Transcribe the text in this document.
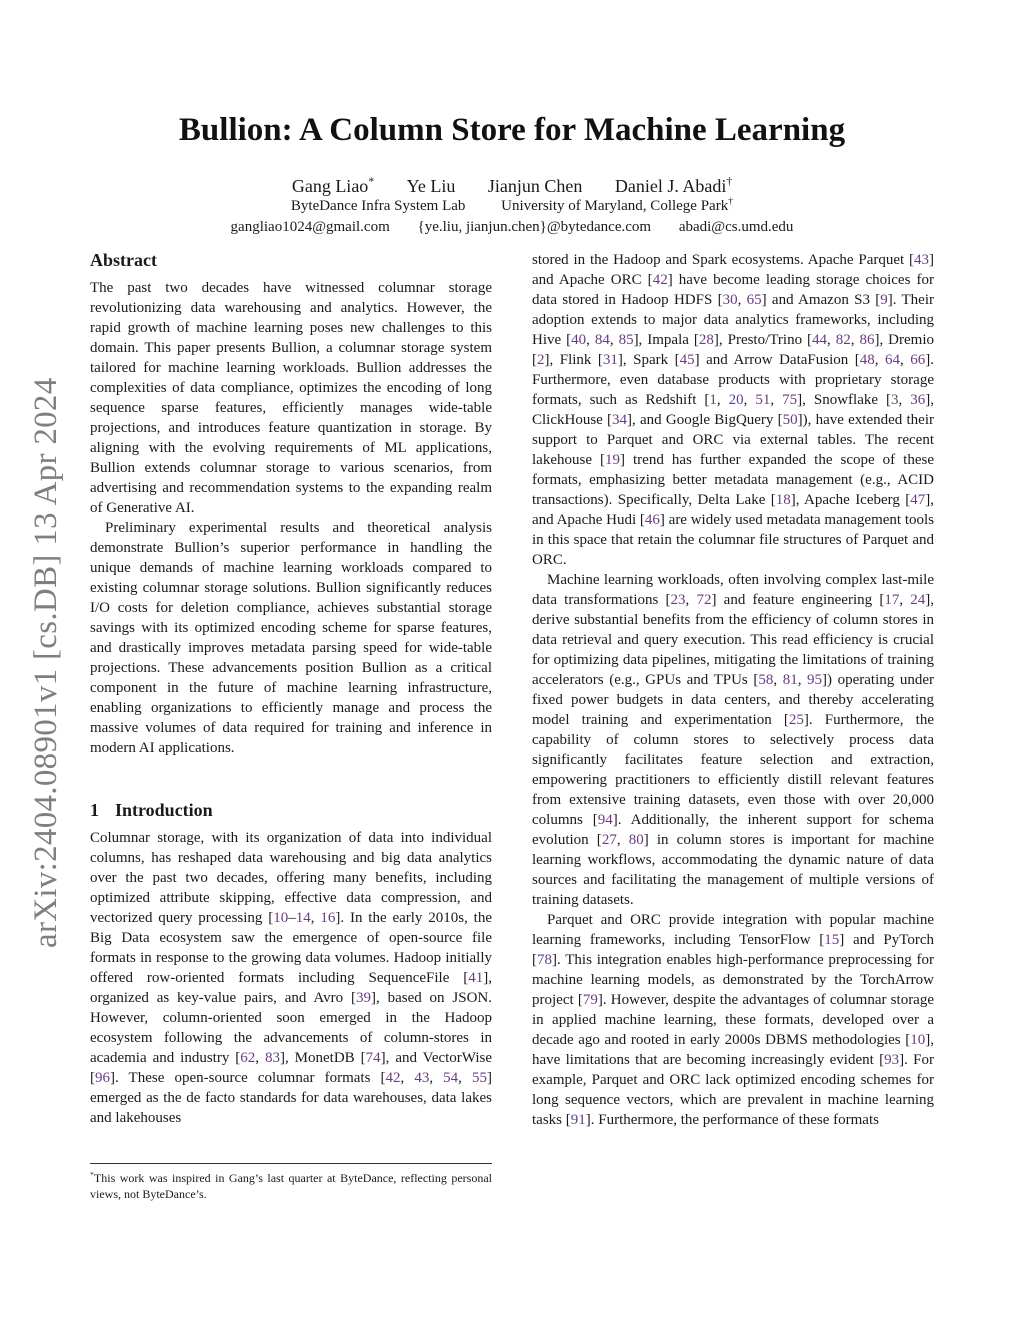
arXiv:2404.08901v1 [cs.DB] 13 Apr 2024
Bullion: A Column Store for Machine Learning
Gang Liao* Ye Liu Jianjun Chen Daniel J. Abadi†
ByteDance Infra System Lab University of Maryland, College Park†
gangliao1024@gmail.com {ye.liu, jianjun.chen}@bytedance.com abadi@cs.umd.edu
Abstract

The past two decades have witnessed columnar storage revolutionizing data warehousing and analytics. However, the rapid growth of machine learning poses new challenges to this domain. This paper presents Bullion, a columnar storage system tailored for machine learning workloads. Bullion addresses the complexities of data compliance, optimizes the encoding of long sequence sparse features, efficiently manages wide-table projections, and introduces feature quantization in storage. By aligning with the evolving requirements of ML applications, Bullion extends columnar storage to various scenarios, from advertising and recommendation systems to the expanding realm of Generative AI.

Preliminary experimental results and theoretical analysis demonstrate Bullion’s superior performance in handling the unique demands of machine learning workloads compared to existing columnar storage solutions. Bullion significantly reduces I/O costs for deletion compliance, achieves substantial storage savings with its optimized encoding scheme for sparse features, and drastically improves metadata parsing speed for wide-table projections. These advancements position Bullion as a critical component in the future of machine learning infrastructure, enabling organizations to efficiently manage and process the massive volumes of data required for training and inference in modern AI applications.

1 Introduction

Columnar storage, with its organization of data into individual columns, has reshaped data warehousing and big data analytics over the past two decades, offering many benefits, including optimized attribute skipping, effective data compression, and vectorized query processing [10–14, 16]. In the early 2010s, the Big Data ecosystem saw the emergence of open-source file formats in response to the growing data volumes. Hadoop initially offered row-oriented formats including SequenceFile [41], organized as key-value pairs, and Avro [39], based on JSON. However, column-oriented soon emerged in the Hadoop ecosystem following the advancements of column-stores in academia and industry [62, 83], MonetDB [74], and VectorWise [96]. These open-source columnar formats [42, 43, 54, 55] emerged as the de facto standards for data warehouses, data lakes and lakehouses

*This work was inspired in Gang’s last quarter at ByteDance, reflecting personal views, not ByteDance’s.

stored in the Hadoop and Spark ecosystems. Apache Parquet [43] and Apache ORC [42] have become leading storage choices for data stored in Hadoop HDFS [30, 65] and Amazon S3 [9]. Their adoption extends to major data analytics frameworks, including Hive [40, 84, 85], Impala [28], Presto/Trino [44, 82, 86], Dremio [2], Flink [31], Spark [45] and Arrow DataFusion [48, 64, 66]. Furthermore, even database products with proprietary storage formats, such as Redshift [1, 20, 51, 75], Snowflake [3, 36], ClickHouse [34], and Google BigQuery [50]), have extended their support to Parquet and ORC via external tables. The recent lakehouse [19] trend has further expanded the scope of these formats, emphasizing better metadata management (e.g., ACID transactions). Specifically, Delta Lake [18], Apache Iceberg [47], and Apache Hudi [46] are widely used metadata management tools in this space that retain the columnar file structures of Parquet and ORC.

Machine learning workloads, often involving complex last-mile data transformations [23, 72] and feature engineering [17, 24], derive substantial benefits from the efficiency of column stores in data retrieval and query execution. This read efficiency is crucial for optimizing data pipelines, mitigating the limitations of training accelerators (e.g., GPUs and TPUs [58, 81, 95]) operating under fixed power budgets in data centers, and thereby accelerating model training and experimentation [25]. Furthermore, the capability of column stores to selectively process data significantly facilitates feature selection and extraction, empowering practitioners to efficiently distill relevant features from extensive training datasets, even those with over 20,000 columns [94]. Additionally, the inherent support for schema evolution [27, 80] in column stores is important for machine learning workflows, accommodating the dynamic nature of data sources and facilitating the management of multiple versions of training datasets.

Parquet and ORC provide integration with popular machine learning frameworks, including TensorFlow [15] and PyTorch [78]. This integration enables high-performance preprocessing for machine learning models, as demonstrated by the TorchArrow project [79]. However, despite the advantages of columnar storage in applied machine learning, these formats, developed over a decade ago and rooted in early 2000s DBMS methodologies [10], have limitations that are becoming increasingly evident [93]. For example, Parquet and ORC lack optimized encoding schemes for long sequence vectors, which are prevalent in machine learning tasks [91]. Furthermore, the performance of these formats
